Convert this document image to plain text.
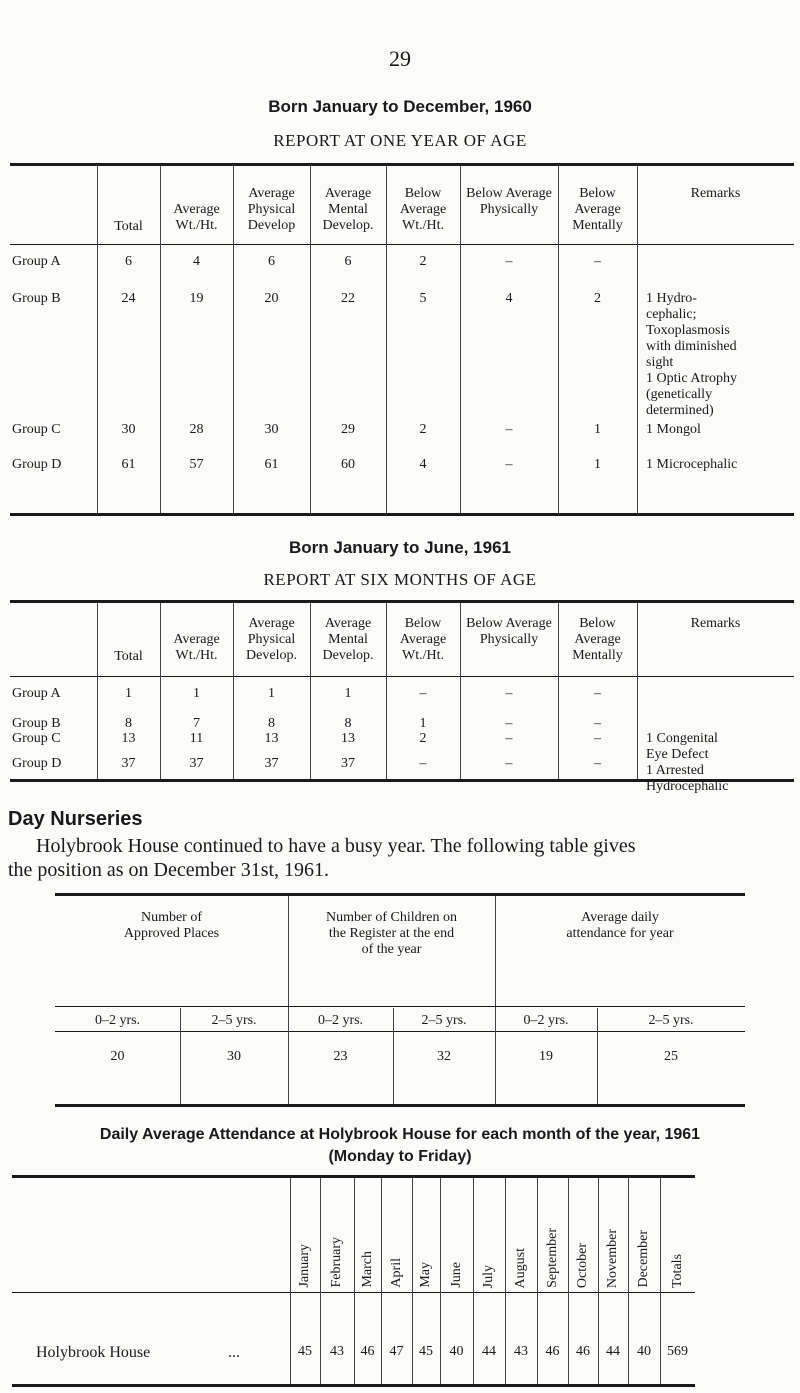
29
Born January to December, 1960
REPORT AT ONE YEAR OF AGE
Total
Average Wt./Ht.
Average Physical Develop
Average Mental Develop.
Below Average Wt./Ht.
Below Average Physically
Below Average Mentally
Remarks
Group A	6	4	6	6	2	–	–
Group B	24	19	20	22	5	4	2	1 Hydro-
cephalic;
Toxoplasmosis
with diminished
sight
1 Optic Atrophy
(genetically
determined)
Group C	30	28	30	29	2	–	1	1 Mongol
Group D	61	57	61	60	4	–	1	1 Microcephalic
Born January to June, 1961
REPORT AT SIX MONTHS OF AGE
Total
Average Wt./Ht.
Average Physical Develop.
Average Mental Develop.
Below Average Wt./Ht.
Below Average Physically
Below Average Mentally
Remarks
Group A	1	1	1	1	–	–	–
Group B	8	7	8	8	1	–	–
Group C	13	11	13	13	2	–	–	1 Congenital
Eye Defect
Group D	37	37	37	37	–	–	–	1 Arrested
Hydrocephalic
Day Nurseries
Holybrook House continued to have a busy year. The following table gives
the position as on December 31st, 1961.
Number of
Approved Places
Number of Children on
the Register at the end
of the year
Average daily
attendance for year
0–2 yrs.	2–5 yrs.	0–2 yrs.	2–5 yrs.	0–2 yrs.	2–5 yrs.
20	30	23	32	19	25
Daily Average Attendance at Holybrook House for each month of the year, 1961
(Monday to Friday)
January February March April May June July August September October November December Totals
Holybrook House	...	45	43	46	47	45	40	44	43	46	46	44	40	569
